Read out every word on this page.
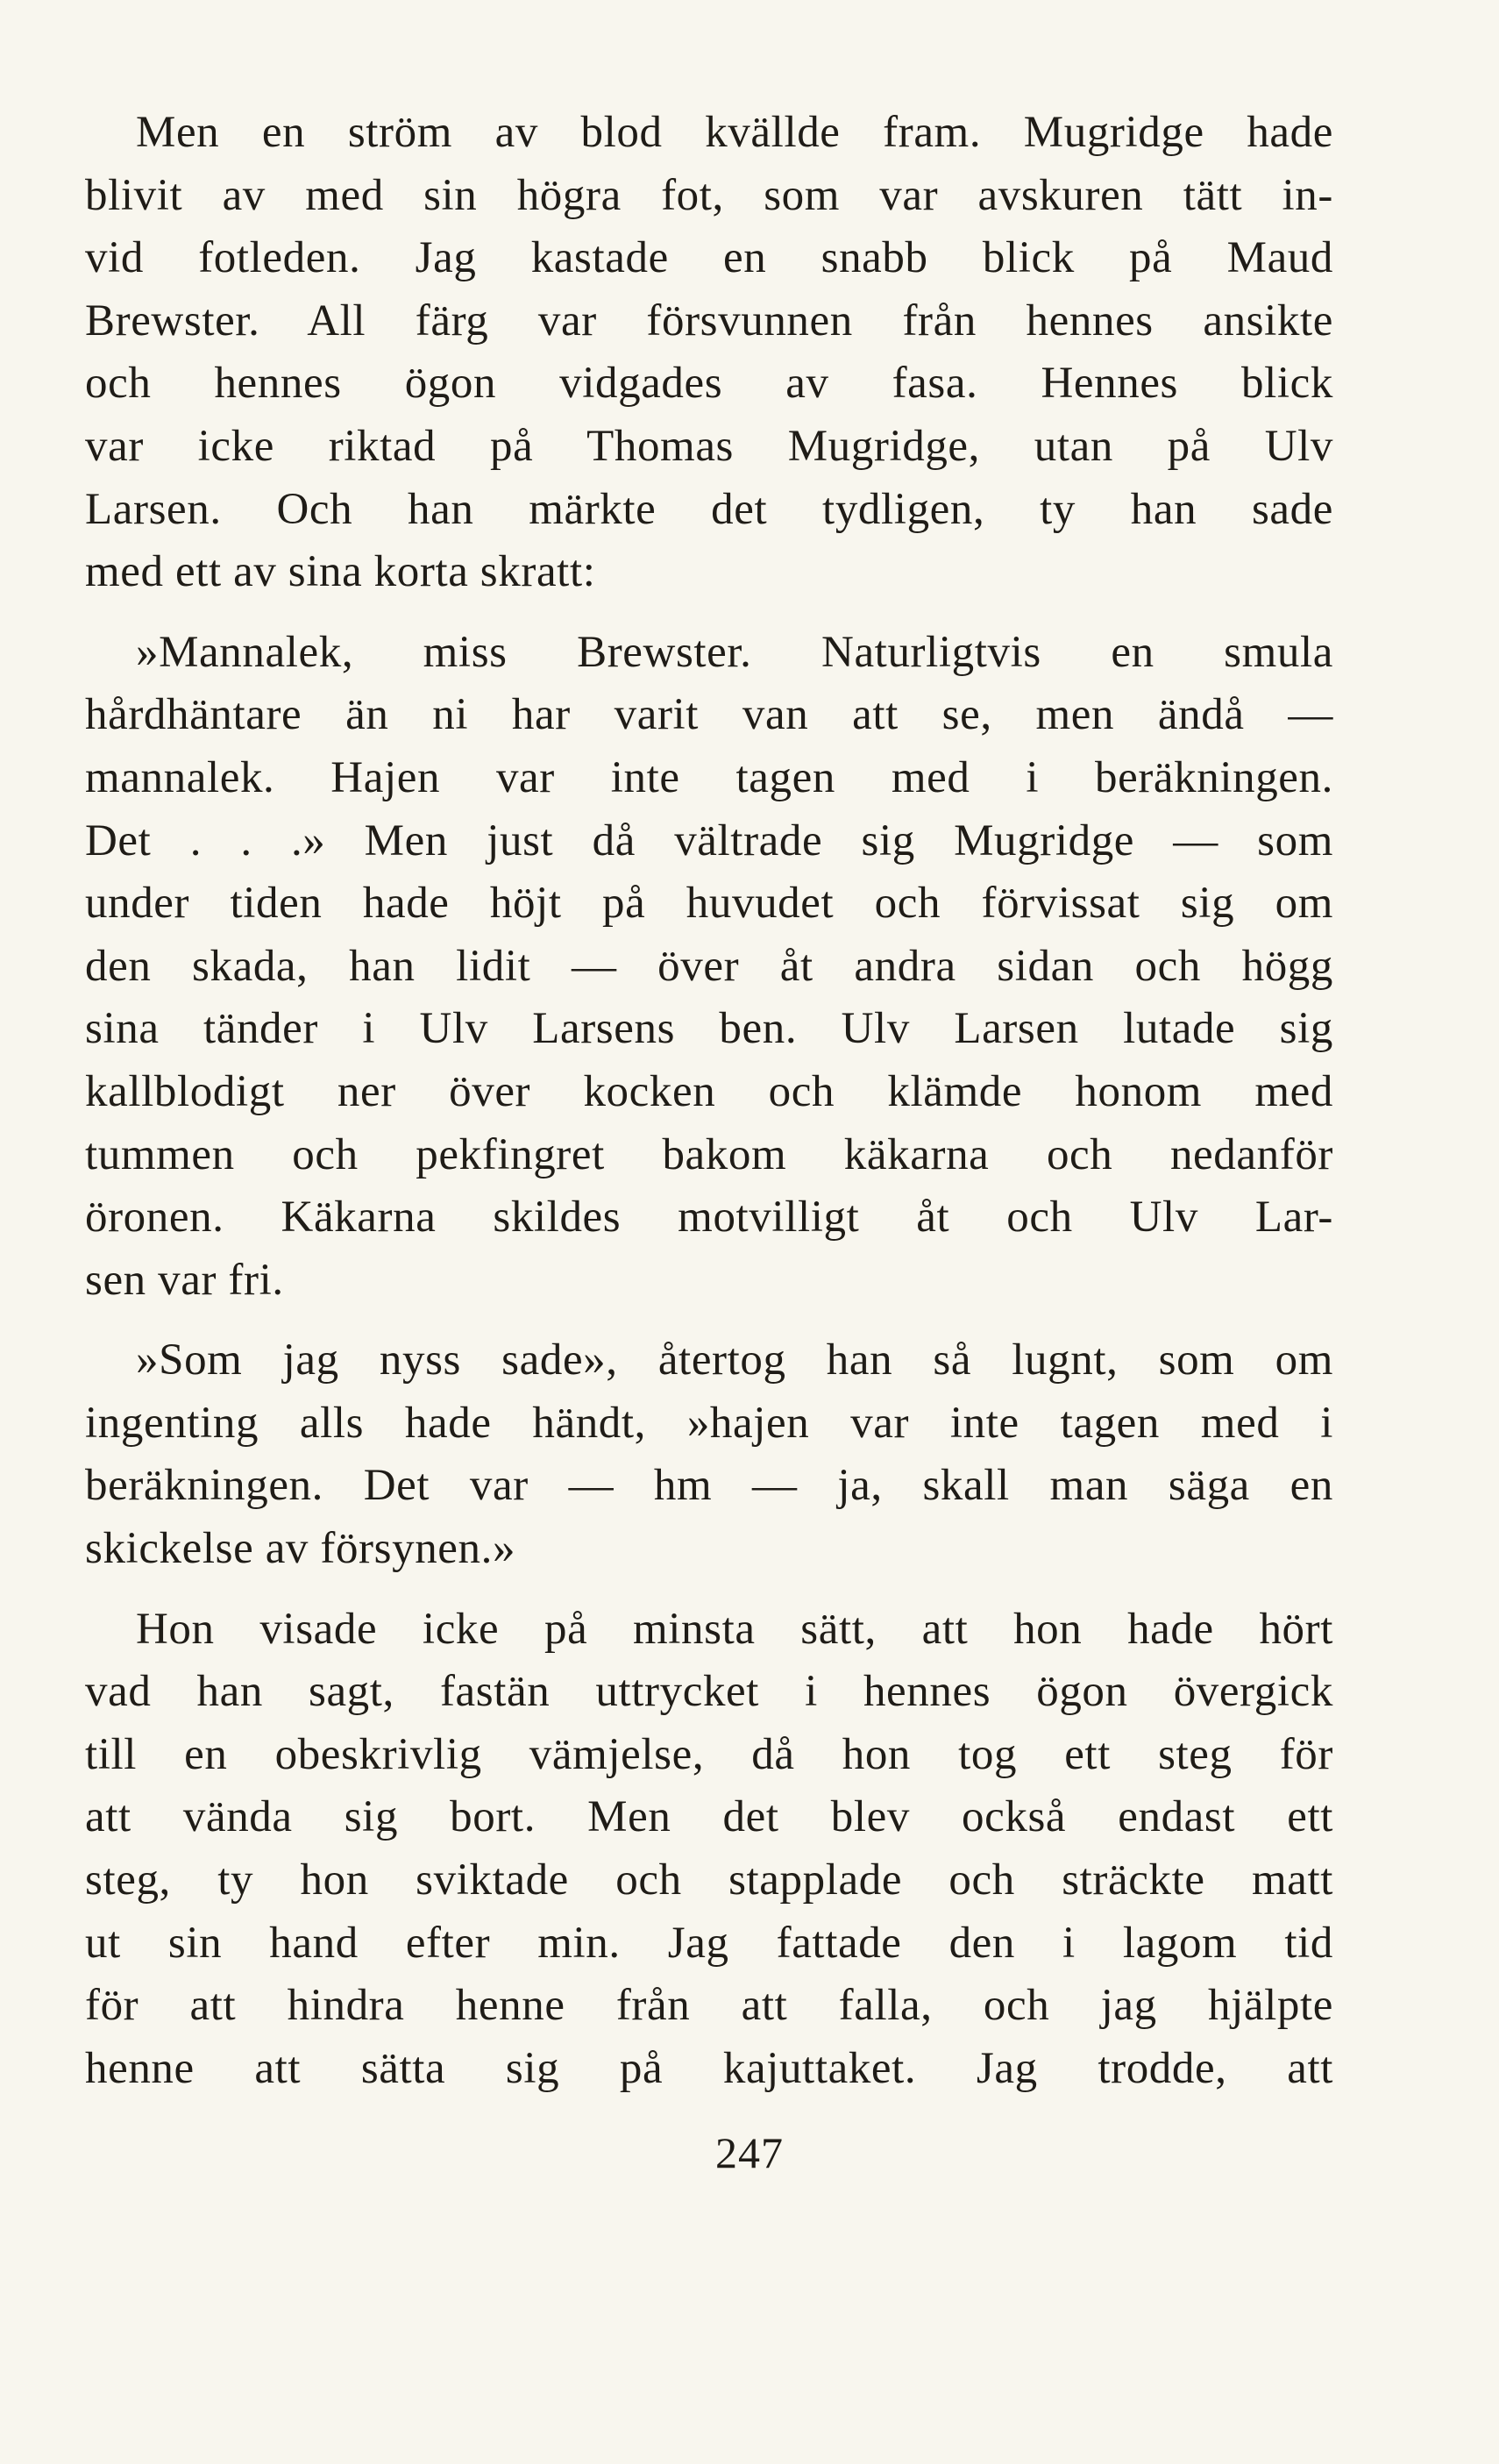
Men en ström av blod kvällde fram. Mugridge hade
blivit av med sin högra fot, som var avskuren tätt in-
vid fotleden. Jag kastade en snabb blick på Maud
Brewster. All färg var försvunnen från hennes ansikte
och hennes ögon vidgades av fasa. Hennes blick
var icke riktad på Thomas Mugridge, utan på Ulv
Larsen. Och han märkte det tydligen, ty han sade
med ett av sina korta skratt:

»Mannalek, miss Brewster. Naturligtvis en smula
hårdhäntare än ni har varit van att se, men ändå —
mannalek. Hajen var inte tagen med i beräkningen.
Det . . .» Men just då vältrade sig Mugridge — som
under tiden hade höjt på huvudet och förvissat sig om
den skada, han lidit — över åt andra sidan och högg
sina tänder i Ulv Larsens ben. Ulv Larsen lutade sig
kallblodigt ner över kocken och klämde honom med
tummen och pekfingret bakom käkarna och nedanför
öronen. Käkarna skildes motvilligt åt och Ulv Lar-
sen var fri.

»Som jag nyss sade», återtog han så lugnt, som om
ingenting alls hade händt, »hajen var inte tagen med i
beräkningen. Det var — hm — ja, skall man säga en
skickelse av försynen.»

Hon visade icke på minsta sätt, att hon hade hört
vad han sagt, fastän uttrycket i hennes ögon övergick
till en obeskrivlig vämjelse, då hon tog ett steg för
att vända sig bort. Men det blev också endast ett
steg, ty hon sviktade och stapplade och sträckte matt
ut sin hand efter min. Jag fattade den i lagom tid
för att hindra henne från att falla, och jag hjälpte
henne att sätta sig på kajuttaket. Jag trodde, att

247
